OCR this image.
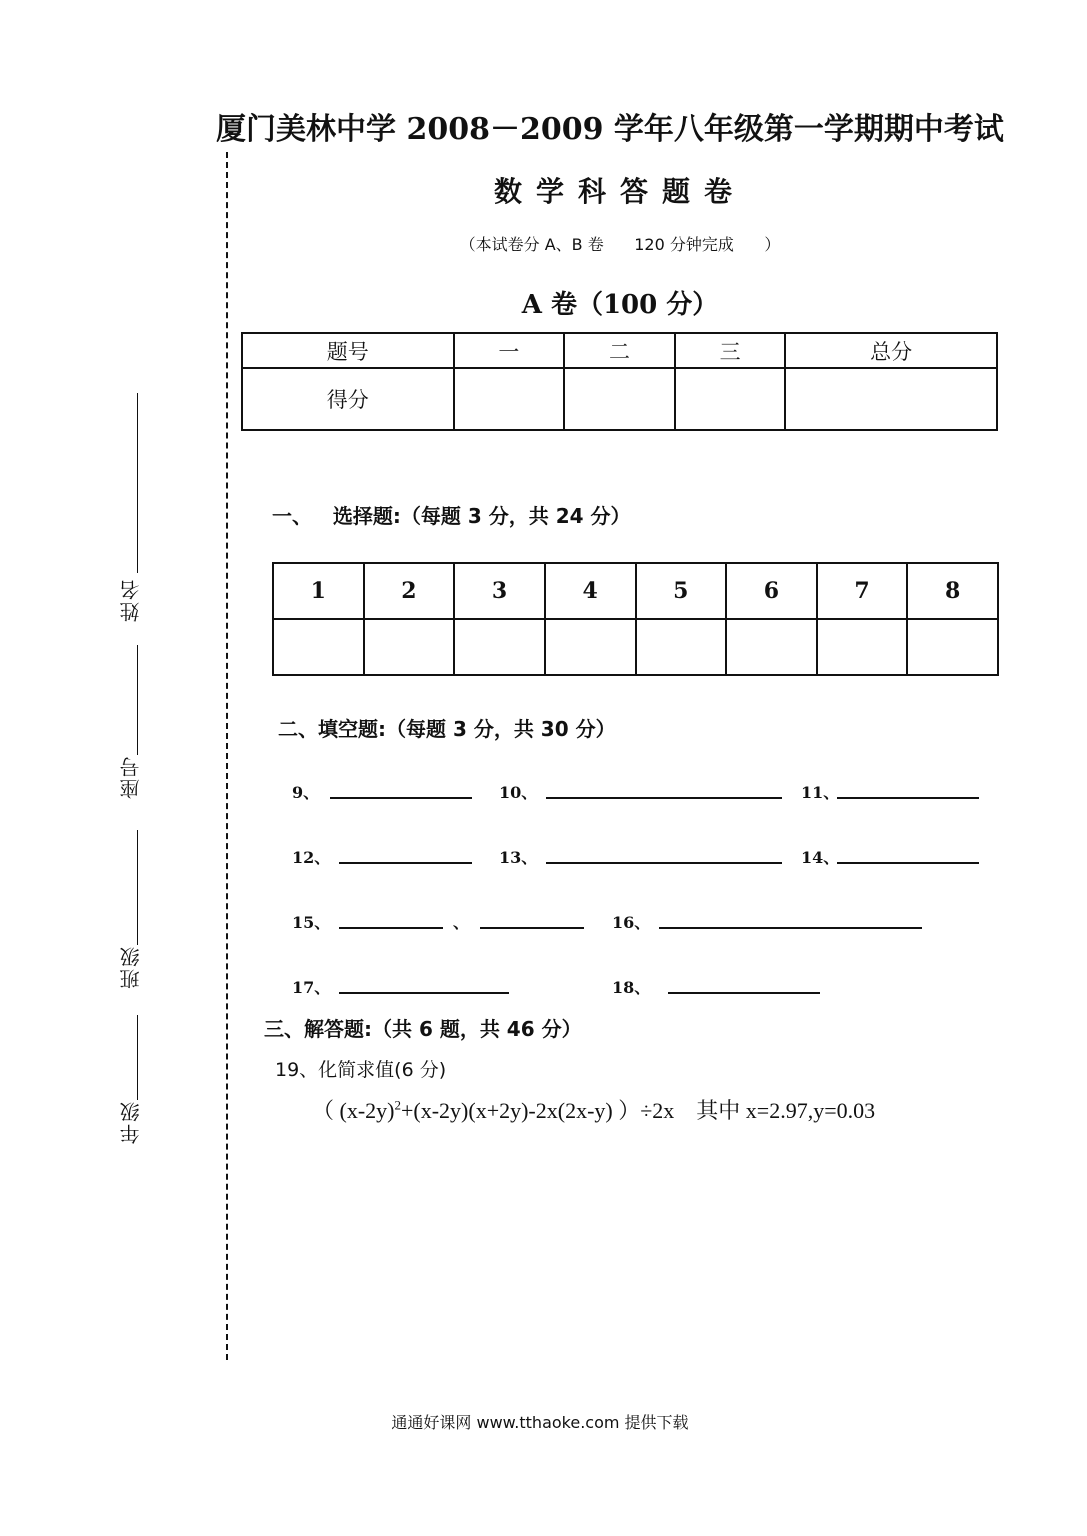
姓名
座号
班级
年级
厦门美林中学 2008－2009 学年八年级第一学期期中考试
数学科答题卷
（本试卷分 A、B 卷      120 分钟完成      ）
A 卷（100 分）
题号	一	二	三	总分
得分				
一、   选择题:（每题 3 分，共 24 分）
1	2	3	4	5	6	7	8

二、填空题:（每题 3 分，共 30 分）
9、	10、	11、
12、	13、	14、
15、	、	16、
17、	18、
三、解答题:（共 6 题，共 46 分）
19、化简求值(6 分)
（ $(x-2y)^2+(x-2y)(x+2y)-2x(2x-y)$ ）÷2x    其中 x=2.97,y=0.03
通通好课网 www.tthaoke.com 提供下载
